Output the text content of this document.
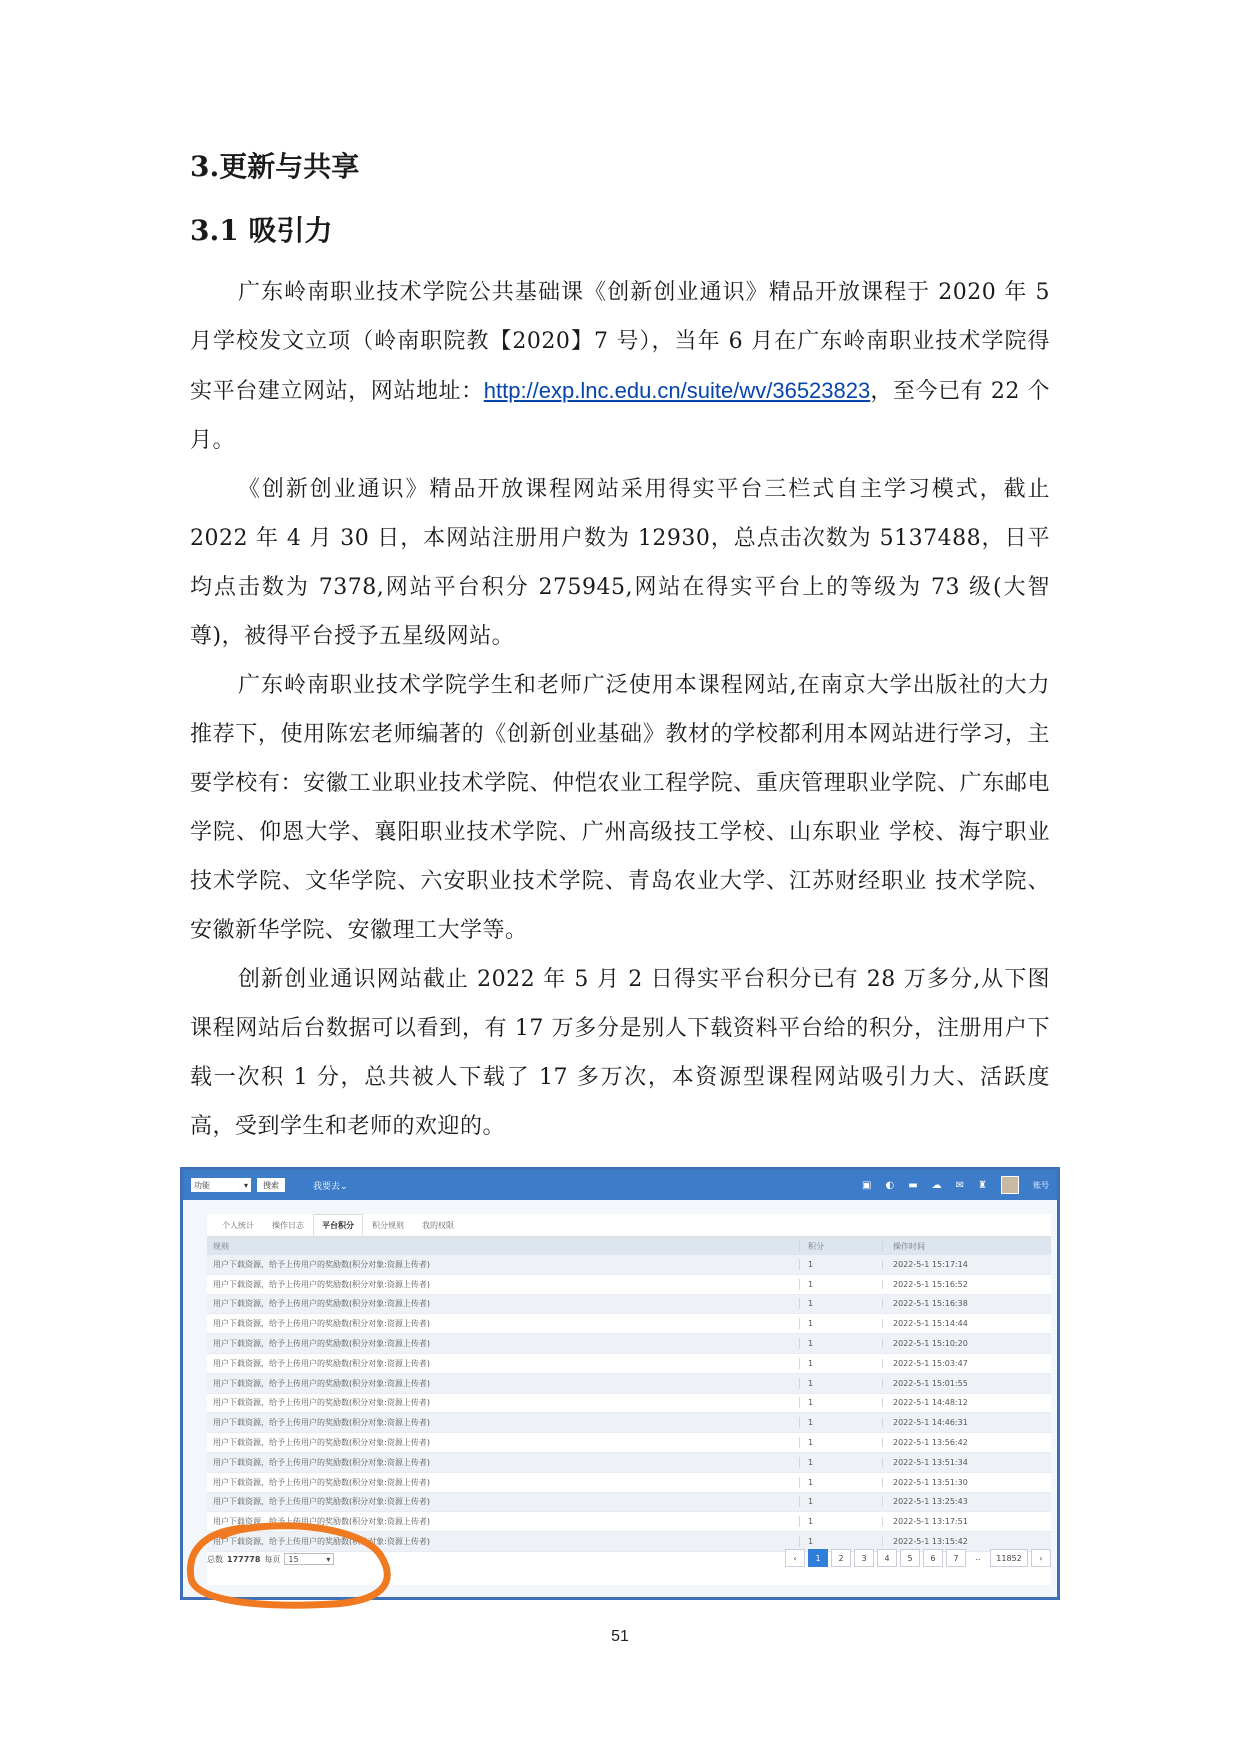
3.更新与共享
3.1 吸引力

广东岭南职业技术学院公共基础课《创新创业通识》精品开放课程于 2020 年 5 月学校发文立项（岭南职院教【2020】7 号），当年 6 月在广东岭南职业技术学院得实平台建立网站，网站地址：http://exp.lnc.edu.cn/suite/wv/36523823，至今已有 22 个月。

《创新创业通识》精品开放课程网站采用得实平台三栏式自主学习模式，截止 2022 年 4 月 30 日，本网站注册用户数为 12930，总点击次数为 5137488，日平均点击数为 7378,网站平台积分 275945,网站在得实平台上的等级为 73 级(大智尊)，被得平台授予五星级网站。

广东岭南职业技术学院学生和老师广泛使用本课程网站,在南京大学出版社的大力推荐下，使用陈宏老师编著的《创新创业基础》教材的学校都利用本网站进行学习，主要学校有：安徽工业职业技术学院、仲恺农业工程学院、重庆管理职业学院、广东邮电学院、仰恩大学、襄阳职业技术学院、广州高级技工学校、山东职业 学校、海宁职业技术学院、文华学院、六安职业技术学院、青岛农业大学、江苏财经职业 技术学院、安徽新华学院、安徽理工大学等。

创新创业通识网站截止 2022 年 5 月 2 日得实平台积分已有 28 万多分,从下图课程网站后台数据可以看到，有 17 万多分是别人下载资料平台给的积分，注册用户下载一次积 1 分，总共被人下载了 17 多万次，本资源型课程网站吸引力大、活跃度高，受到学生和老师的欢迎的。

功能	▾	搜索	我要去⌄	▣ ◐ ▬ ☁ ✉ ♜	账号
个人统计	操作日志	平台积分	积分规则	我的权限
规则	积分	操作时间
用户下载资源，给予上传用户的奖励数(积分对象:资源上传者)	1	2022-5-1 15:17:14
用户下载资源，给予上传用户的奖励数(积分对象:资源上传者)	1	2022-5-1 15:16:52
用户下载资源，给予上传用户的奖励数(积分对象:资源上传者)	1	2022-5-1 15:16:38
用户下载资源，给予上传用户的奖励数(积分对象:资源上传者)	1	2022-5-1 15:14:44
用户下载资源，给予上传用户的奖励数(积分对象:资源上传者)	1	2022-5-1 15:10:20
用户下载资源，给予上传用户的奖励数(积分对象:资源上传者)	1	2022-5-1 15:03:47
用户下载资源，给予上传用户的奖励数(积分对象:资源上传者)	1	2022-5-1 15:01:55
用户下载资源，给予上传用户的奖励数(积分对象:资源上传者)	1	2022-5-1 14:48:12
用户下载资源，给予上传用户的奖励数(积分对象:资源上传者)	1	2022-5-1 14:46:31
用户下载资源，给予上传用户的奖励数(积分对象:资源上传者)	1	2022-5-1 13:56:42
用户下载资源，给予上传用户的奖励数(积分对象:资源上传者)	1	2022-5-1 13:51:34
用户下载资源，给予上传用户的奖励数(积分对象:资源上传者)	1	2022-5-1 13:51:30
用户下载资源，给予上传用户的奖励数(积分对象:资源上传者)	1	2022-5-1 13:25:43
用户下载资源，给予上传用户的奖励数(积分对象:资源上传者)	1	2022-5-1 13:17:51
用户下载资源，给予上传用户的奖励数(积分对象:资源上传者)	1	2022-5-1 13:15:42
总数 177778 每页 15	▾	‹	1	2	3	4	5	6	7	..	11852	›
51
